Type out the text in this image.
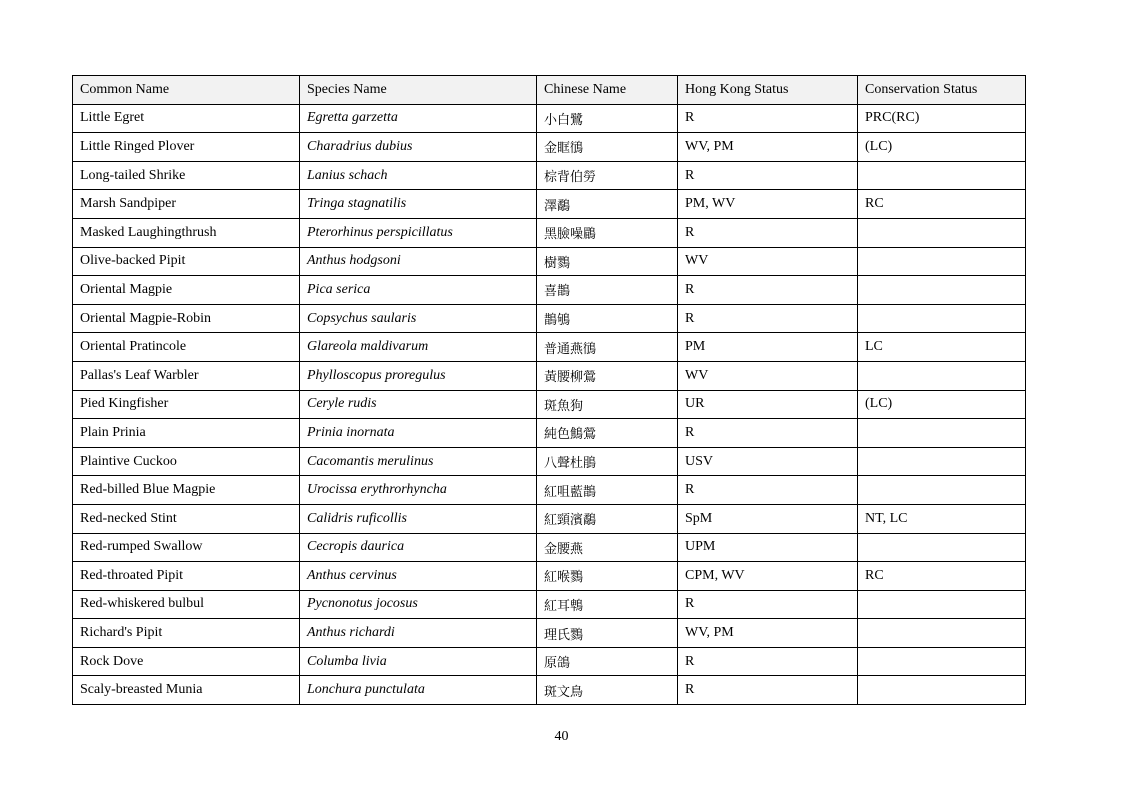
Common Name	Species Name	Chinese Name	Hong Kong Status	Conservation Status
Little Egret	Egretta garzetta	小白鷺	R	PRC(RC)
Little Ringed Plover	Charadrius dubius	金眶鴴	WV, PM	(LC)
Long-tailed Shrike	Lanius schach	棕背伯勞	R	
Marsh Sandpiper	Tringa stagnatilis	澤鷸	PM, WV	RC
Masked Laughingthrush	Pterorhinus perspicillatus	黑臉噪鶥	R	
Olive-backed Pipit	Anthus hodgsoni	樹鷚	WV	
Oriental Magpie	Pica serica	喜鵲	R	
Oriental Magpie-Robin	Copsychus saularis	鵲鴝	R	
Oriental Pratincole	Glareola maldivarum	普通燕鴴	PM	LC
Pallas's Leaf Warbler	Phylloscopus proregulus	黃腰柳鶯	WV	
Pied Kingfisher	Ceryle rudis	斑魚狗	UR	(LC)
Plain Prinia	Prinia inornata	純色鷦鶯	R	
Plaintive Cuckoo	Cacomantis merulinus	八聲杜鵑	USV	
Red-billed Blue Magpie	Urocissa erythrorhyncha	紅咀藍鵲	R	
Red-necked Stint	Calidris ruficollis	紅頸濱鷸	SpM	NT, LC
Red-rumped Swallow	Cecropis daurica	金腰燕	UPM	
Red-throated Pipit	Anthus cervinus	紅喉鷚	CPM, WV	RC
Red-whiskered bulbul	Pycnonotus jocosus	紅耳鵯	R	
Richard's Pipit	Anthus richardi	理氏鷚	WV, PM	
Rock Dove	Columba livia	原鴿	R	
Scaly-breasted Munia	Lonchura punctulata	斑文鳥	R	
40
